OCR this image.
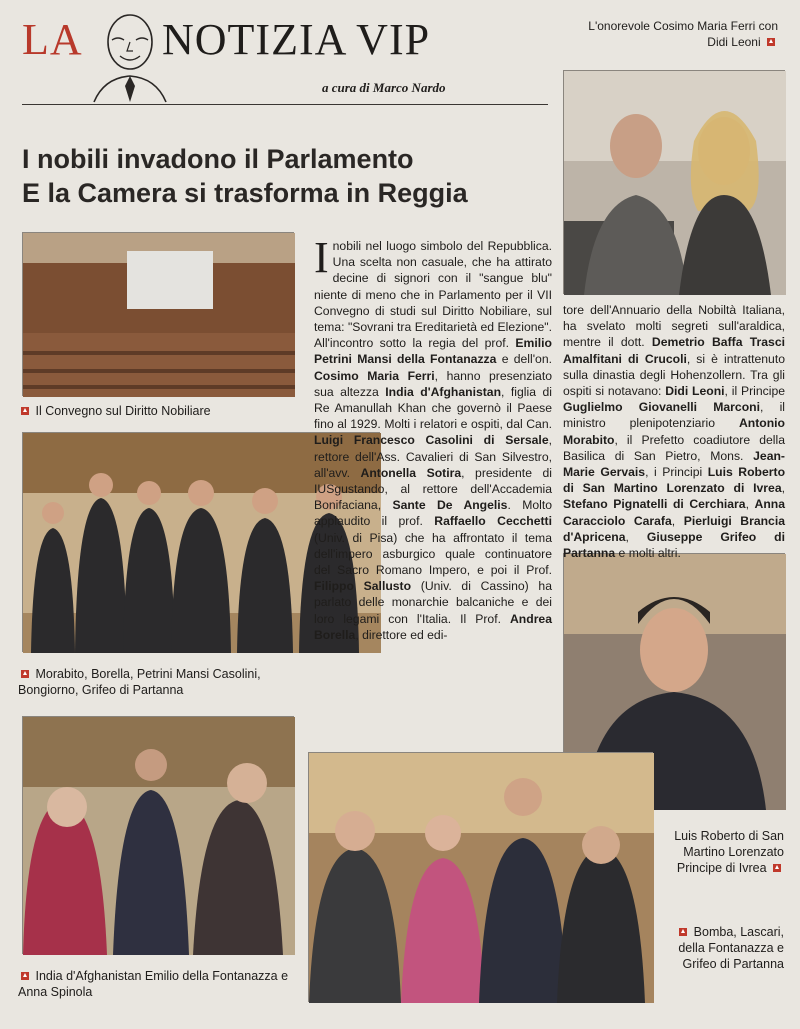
LA NOTIZIA VIP
a cura di Marco Nardo
L'onorevole Cosimo Maria Ferri con Didi Leoni
I nobili invadono il Parlamento
E la Camera si trasforma in Reggia
Il Convegno sul Diritto Nobiliare
Morabito, Borella, Petrini Mansi Casolini, Bongiorno, Grifeo di Partanna
India d'Afghanistan Emilio della Fontanazza e Anna Spinola
Luis Roberto di San Martino Lorenzato Principe di Ivrea
Bomba, Lascari, della Fontanazza e Grifeo di Partanna
Inobili nel luogo simbolo del Repubblica. Una scelta non casuale, che ha attirato decine di signori con il "sangue blu" niente di meno che in Parlamento per il VII Convegno di studi sul Diritto Nobiliare, sul tema: "Sovrani tra Ereditarietà ed Elezione". All'incontro sotto la regia del prof. Emilio Petrini Mansi della Fontanazza e dell'on. Cosimo Maria Ferri, hanno presenziato sua altezza India d'Afghanistan, figlia di Re Amanullah Khan che governò il Paese fino al 1929. Molti i relatori e ospiti, dal Can. Luigi Francesco Casolini di Sersale, rettore dell'Ass. Cavalieri di San Silvestro, all'avv. Antonella Sotira, presidente di IUSgustando, al rettore dell'Accademia Bonifaciana, Sante De Angelis. Molto applaudito il prof. Raffaello Cecchetti (Univ. di Pisa) che ha affrontato il tema dell'impero asburgico quale continuatore del Sacro Romano Impero, e poi il Prof. Filippo Sallusto (Univ. di Cassino) ha parlato delle monarchie balcaniche e dei loro legami con l'Italia. Il Prof. Andrea Borella, direttore ed edi-
tore dell'Annuario della Nobiltà Italiana, ha svelato molti segreti sull'araldica, mentre il dott. Demetrio Baffa Trasci Amalfitani di Crucoli, si è intrattenuto sulla dinastia degli Hohenzollern. Tra gli ospiti si notavano: Didi Leoni, il Principe Guglielmo Giovanelli Marconi, il ministro plenipotenziario Antonio Morabito, il Prefetto coadiutore della Basilica di San Pietro, Mons. Jean-Marie Gervais, i Principi Luis Roberto di San Martino Lorenzato di Ivrea, Stefano Pignatelli di Cerchiara, Anna Caracciolo Carafa, Pierluigi Brancia d'Apricena, Giuseppe Grifeo di Partanna e molti altri.
